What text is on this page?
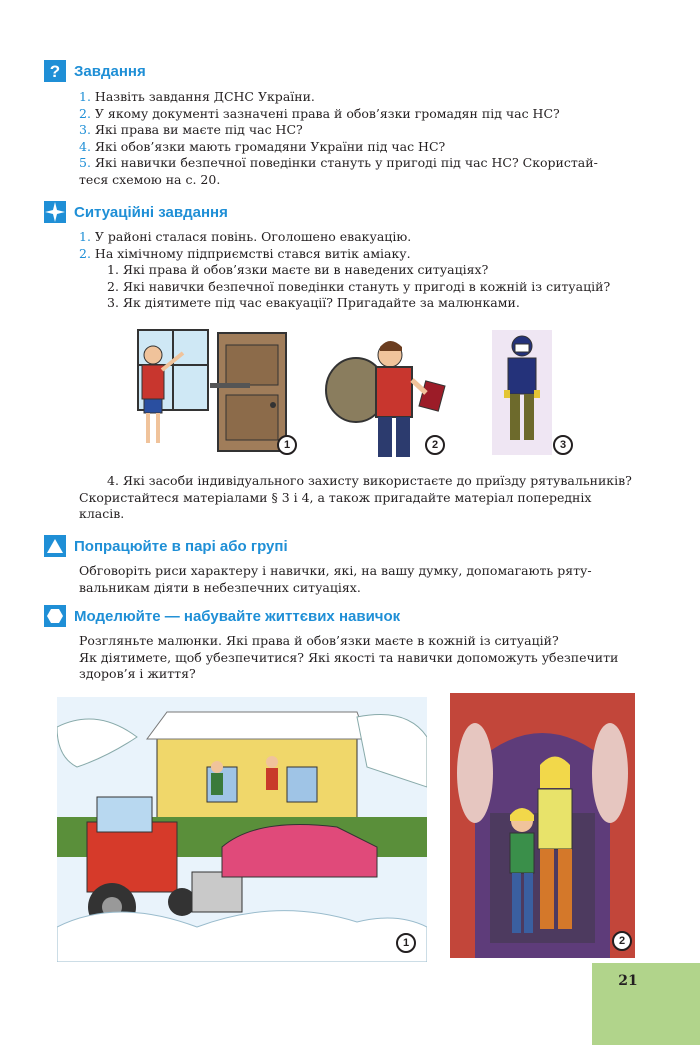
? Завдання
1. Назвіть завдання ДСНС України.
2. У якому документі зазначені права й обов’язки громадян під час НС?
3. Які права ви маєте під час НС?
4. Які обов’язки мають громадяни України під час НС?
5. Які навички безпечної поведінки стануть у пригоді під час НС? Скористай-
теся схемою на с. 20.
Ситуаційні завдання
1. У районі сталася повінь. Оголошено евакуацію.
2. На хімічному підприємстві стався витік аміаку.
1. Які права й обов’язки маєте ви в наведених ситуаціях?
2. Які навички безпечної поведінки стануть у пригоді в кожній із ситуацій?
3. Як діятимете під час евакуації? Пригадайте за малюнками.
1	2	3
4. Які засоби індивідуального захисту використаєте до приїзду рятувальників?
Скористайтеся матеріалами § 3 і 4, а також пригадайте матеріал попередніх
класів.
Попрацюйте в парі або групі
Обговоріть риси характеру і навички, які, на вашу думку, допомагають ряту-
вальникам діяти в небезпечних ситуаціях.
Моделюйте — набувайте життєвих навичок
Розгляньте малюнки. Які права й обов’язки маєте в кожній із ситуацій?
Як діятимете, щоб убезпечитися? Які якості та навички допоможуть убезпечити
здоров’я і життя?
1	2
21
